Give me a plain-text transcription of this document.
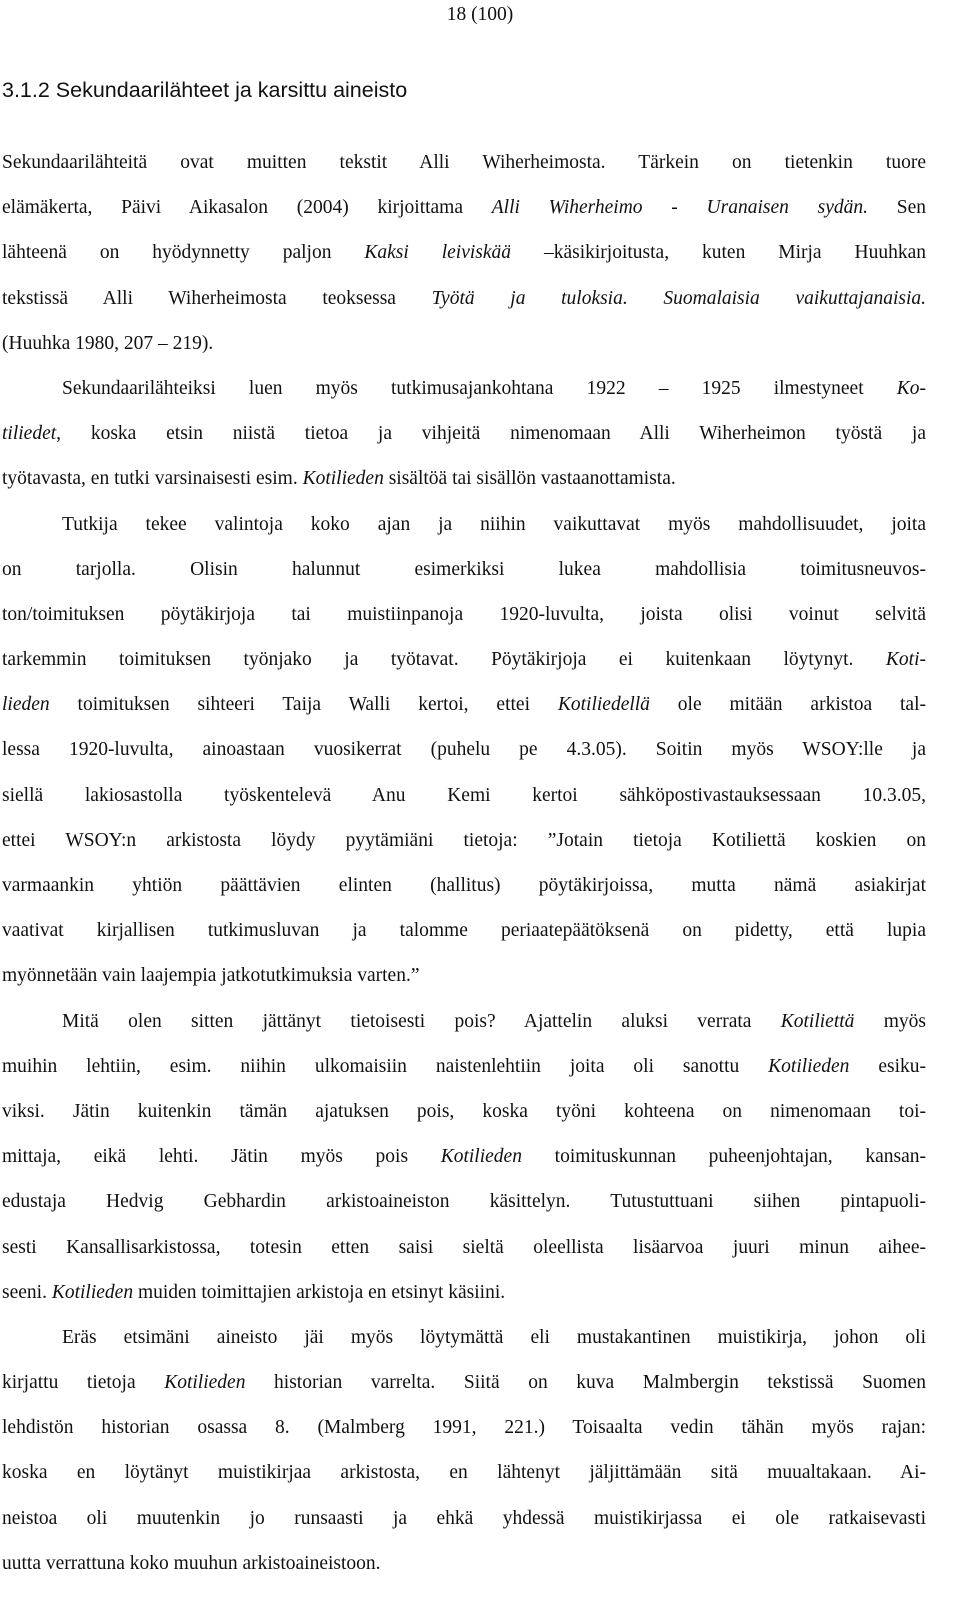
18 (100)
3.1.2 Sekundaarilähteet ja karsittu aineisto
Sekundaarilähteitä ovat muitten tekstit Alli Wiherheimosta. Tärkein on tietenkin tuore
elämäkerta, Päivi Aikasalon (2004) kirjoittama Alli Wiherheimo - Uranaisen sydän. Sen
lähteenä on hyödynnetty paljon Kaksi leiviskää –käsikirjoitusta, kuten Mirja Huuhkan
tekstissä Alli Wiherheimosta teoksessa Työtä ja tuloksia. Suomalaisia vaikuttajanaisia.
(Huuhka 1980, 207 – 219).
Sekundaarilähteiksi luen myös tutkimusajankohtana 1922 – 1925 ilmestyneet Ko-
tiliedet, koska etsin niistä tietoa ja vihjeitä nimenomaan Alli Wiherheimon työstä ja
työtavasta, en tutki varsinaisesti esim. Kotilieden sisältöä tai sisällön vastaanottamista.
Tutkija tekee valintoja koko ajan ja niihin vaikuttavat myös mahdollisuudet, joita
on tarjolla. Olisin halunnut esimerkiksi lukea mahdollisia toimitusneuvos-
ton/toimituksen pöytäkirjoja tai muistiinpanoja 1920-luvulta, joista olisi voinut selvitä
tarkemmin toimituksen työnjako ja työtavat. Pöytäkirjoja ei kuitenkaan löytynyt. Koti-
lieden toimituksen sihteeri Taija Walli kertoi, ettei Kotiliedellä ole mitään arkistoa tal-
lessa 1920-luvulta, ainoastaan vuosikerrat (puhelu pe 4.3.05). Soitin myös WSOY:lle ja
siellä lakiosastolla työskentelevä Anu Kemi kertoi sähköpostivastauksessaan 10.3.05,
ettei WSOY:n arkistosta löydy pyytämiäni tietoja: ”Jotain tietoja Kotiliettä koskien on
varmaankin yhtiön päättävien elinten (hallitus) pöytäkirjoissa, mutta nämä asiakirjat
vaativat kirjallisen tutkimusluvan ja talomme periaatepäätöksenä on pidetty, että lupia
myönnetään vain laajempia jatkotutkimuksia varten.”
Mitä olen sitten jättänyt tietoisesti pois? Ajattelin aluksi verrata Kotiliettä myös
muihin lehtiin, esim. niihin ulkomaisiin naistenlehtiin joita oli sanottu Kotilieden esiku-
viksi. Jätin kuitenkin tämän ajatuksen pois, koska työni kohteena on nimenomaan toi-
mittaja, eikä lehti. Jätin myös pois Kotilieden toimituskunnan puheenjohtajan, kansan-
edustaja Hedvig Gebhardin arkistoaineiston käsittelyn. Tutustuttuani siihen pintapuoli-
sesti Kansallisarkistossa, totesin etten saisi sieltä oleellista lisäarvoa juuri minun aihee-
seeni. Kotilieden muiden toimittajien arkistoja en etsinyt käsiini.
Eräs etsimäni aineisto jäi myös löytymättä eli mustakantinen muistikirja, johon oli
kirjattu tietoja Kotilieden historian varrelta. Siitä on kuva Malmbergin tekstissä Suomen
lehdistön historian osassa 8. (Malmberg 1991, 221.) Toisaalta vedin tähän myös rajan:
koska en löytänyt muistikirjaa arkistosta, en lähtenyt jäljittämään sitä muualtakaan. Ai-
neistoa oli muutenkin jo runsaasti ja ehkä yhdessä muistikirjassa ei ole ratkaisevasti
uutta verrattuna koko muuhun arkistoaineistoon.
